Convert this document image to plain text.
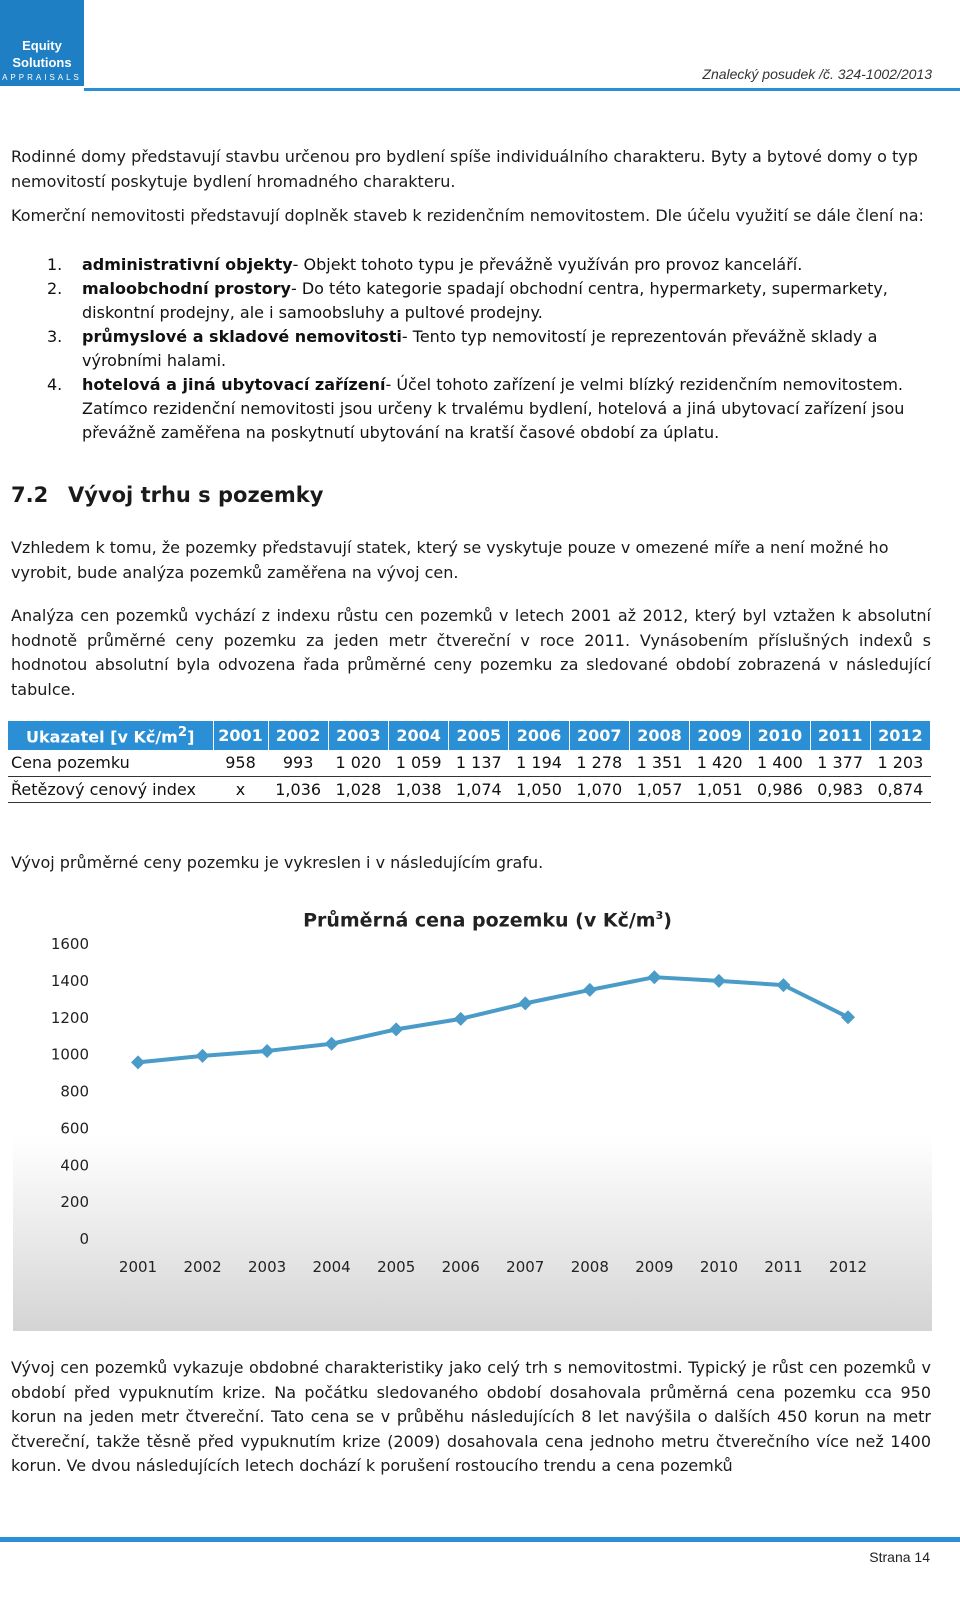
Equity
Solutions
APPRAISALS	Znalecký posudek /č. 324-1002/2013
Rodinné domy představují stavbu určenou pro bydlení spíše individuálního charakteru. Byty a bytové domy o typ nemovitostí poskytuje bydlení hromadného charakteru.
Komerční nemovitosti představují doplněk staveb k rezidenčním nemovitostem. Dle účelu využití se dále člení na:
1. administrativní objekty- Objekt tohoto typu je převážně využíván pro provoz kanceláří.
2. maloobchodní prostory- Do této kategorie spadají obchodní centra, hypermarkety, supermarkety, diskontní prodejny, ale i samoobsluhy a pultové prodejny.
3. průmyslové a skladové nemovitosti- Tento typ nemovitostí je reprezentován převážně sklady a výrobními halami.
4. hotelová a jiná ubytovací zařízení- Účel tohoto zařízení je velmi blízký rezidenčním nemovitostem. Zatímco rezidenční nemovitosti jsou určeny k trvalému bydlení, hotelová a jiná ubytovací zařízení jsou převážně zaměřena na poskytnutí ubytování na kratší časové období za úplatu.
7.2 Vývoj trhu s pozemky
Vzhledem k tomu, že pozemky představují statek, který se vyskytuje pouze v omezené míře a není možné ho vyrobit, bude analýza pozemků zaměřena na vývoj cen.
Analýza cen pozemků vychází z indexu růstu cen pozemků v letech 2001 až 2012, který byl vztažen k absolutní hodnotě průměrné ceny pozemku za jeden metr čtvereční v roce 2011. Vynásobením příslušných indexů s hodnotou absolutní byla odvozena řada průměrné ceny pozemku za sledované období zobrazená v následující tabulce.
Ukazatel [v $Kč/m^2$]	2001	2002	2003	2004	2005	2006	2007	2008	2009	2010	2011	2012
Cena pozemku	958	993	1 020	1 059	1 137	1 194	1 278	1 351	1 420	1 400	1 377	1 203
Řetězový cenový index	x	1,036	1,028	1,038	1,074	1,050	1,070	1,057	1,051	0,986	0,983	0,874
Vývoj průměrné ceny pozemku je vykreslen i v následujícím grafu.
Průměrná cena pozemku (v $Kč/m^3$)
0
200
400
600
800
1000
1200
1400
1600
2001 2002 2003 2004 2005 2006 2007 2008 2009 2010 2011 2012
Vývoj cen pozemků vykazuje obdobné charakteristiky jako celý trh s nemovitostmi. Typický je růst cen pozemků v období před vypuknutím krize. Na počátku sledovaného období dosahovala průměrná cena pozemku cca 950 korun na jeden metr čtvereční. Tato cena se v průběhu následujících 8 let navýšila o dalších 450 korun na metr čtvereční, takže těsně před vypuknutím krize (2009) dosahovala cena jednoho metru čtverečního více než 1400 korun. Ve dvou následujících letech dochází k porušení rostoucího trendu a cena pozemků
Strana 14
